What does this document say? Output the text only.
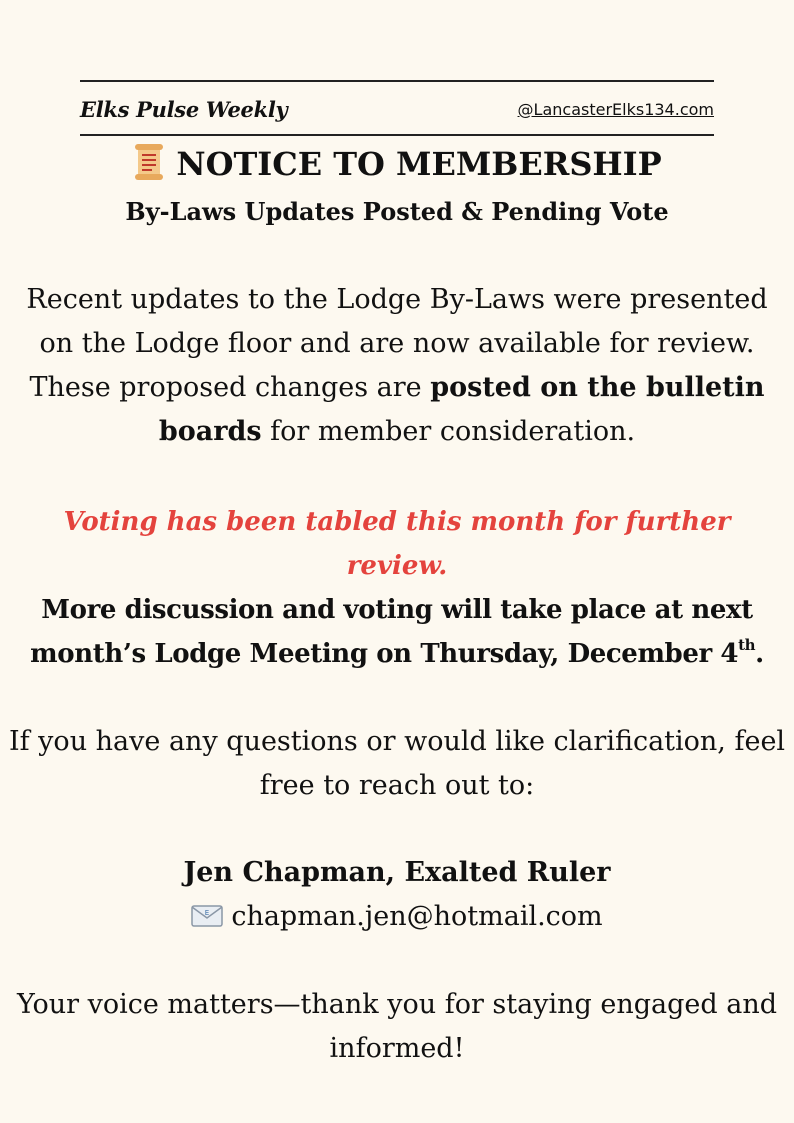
Elks Pulse Weekly	@LancasterElks134.com
NOTICE TO MEMBERSHIP
By-Laws Updates Posted & Pending Vote
Recent updates to the Lodge By-Laws were presented on the Lodge floor and are now available for review. These proposed changes are posted on the bulletin boards for member consideration.
Voting has been tabled this month for further review.
More discussion and voting will take place at next month’s Lodge Meeting on Thursday, December 4th.
If you have any questions or would like clarification, feel free to reach out to:
Jen Chapman, Exalted Ruler
E chapman.jen@hotmail.com
Your voice matters—thank you for staying engaged and informed!
